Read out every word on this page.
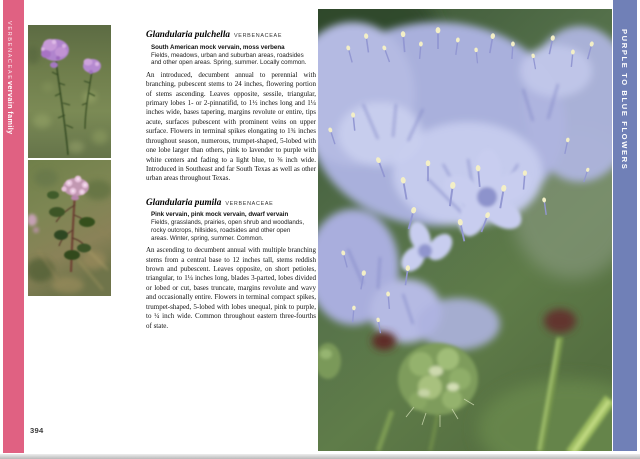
VERBENACEAE
vervain family
Glandularia pulchella VERBENACEAE
South American mock vervain, moss verbena
Fields, meadows, urban and suburban areas, roadsides and other open areas. Spring, summer. Locally common.
An introduced, decumbent annual to perennial with branching, pubescent stems to 24 inches, flowering portion of stems ascending. Leaves opposite, sessile, triangular, primary lobes 1- or 2-pinnatifid, to 1½ inches long and 1¼ inches wide, bases tapering, margins revolute or entire, tips acute, surfaces pubescent with prominent veins on upper surface. Flowers in terminal spikes elongating to 1¾ inches throughout season, numerous, trumpet-shaped, 5-lobed with one lobe larger than others, pink to lavender to purple with white centers and fading to a light blue, to ⅜ inch wide. Introduced in Southeast and far South Texas as well as other urban areas throughout Texas.
Glandularia pumila VERBENACEAE
Pink vervain, pink mock vervain, dwarf vervain
Fields, grasslands, prairies, open shrub and woodlands, rocky outcrops, hillsides, roadsides and other open areas. Winter, spring, summer. Common.
An ascending to decumbent annual with multiple branching stems from a central base to 12 inches tall, stems reddish brown and pubescent. Leaves opposite, on short petioles, triangular, to 1¼ inches long, blades 3-parted, lobes divided or lobed or cut, bases truncate, margins revolute and wavy and occasionally entire. Flowers in terminal compact spikes, trumpet-shaped, 5-lobed with lobes unequal, pink to purple, to ¼ inch wide. Common throughout eastern three-fourths of state.
394
PURPLE TO BLUE FLOWERS
